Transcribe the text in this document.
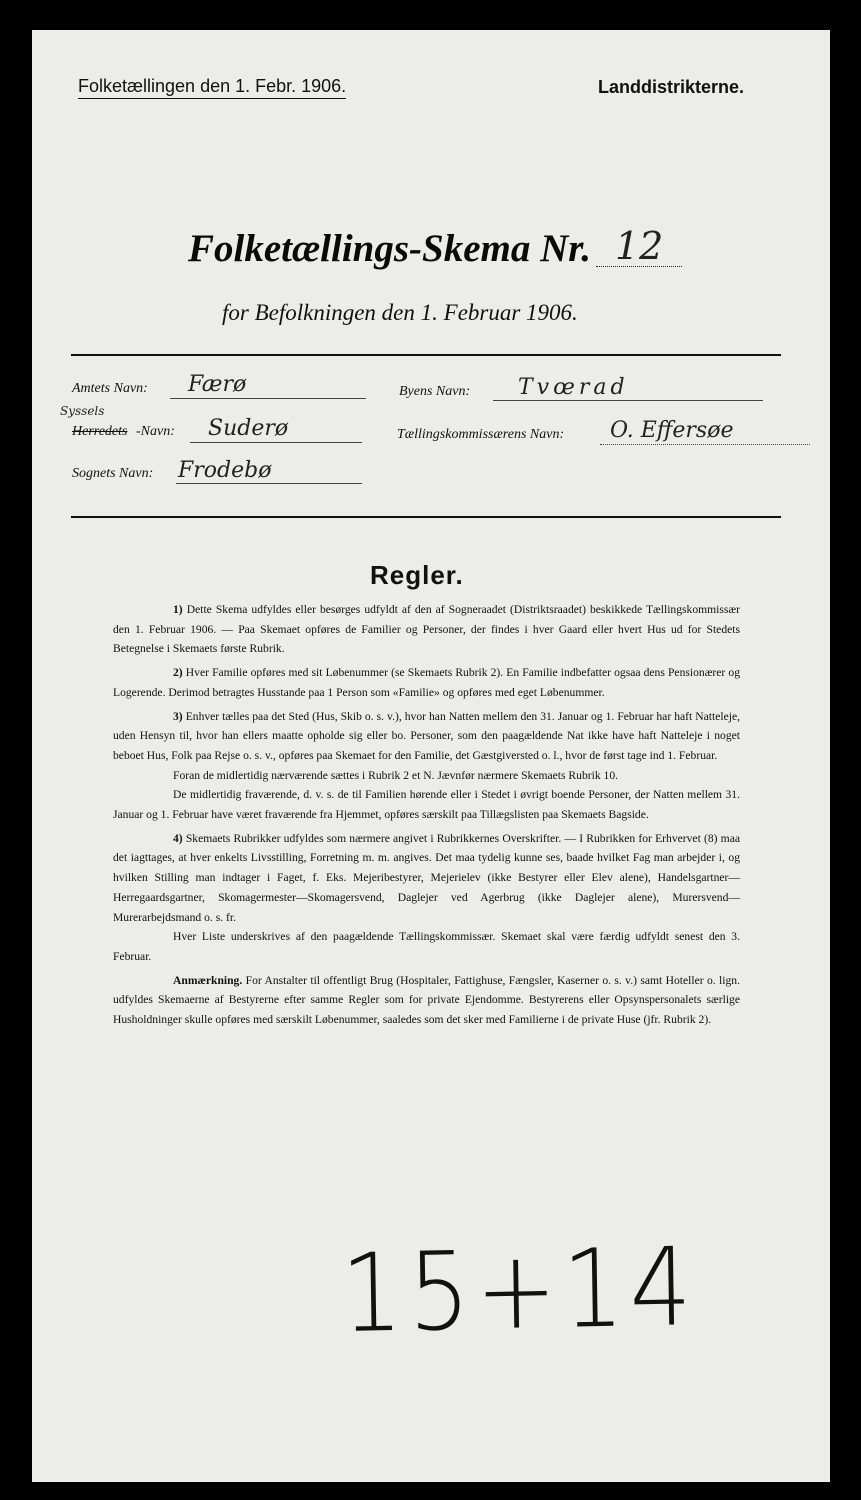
Folketællingen den 1. Febr. 1906.	Landdistrikterne.
Folketællings-Skema Nr. 12
for Befolkningen den 1. Februar 1906.
Amtets Navn: Færø	Byens Navn: Tvœrad
Syssels
Herredets -Navn: Suderø	Tællingskommissærens Navn: O. Effersøe
Sognets Navn: Frodebø
Regler.

1) Dette Skema udfyldes eller besørges udfyldt af den af Sogneraadet (Distriktsraadet) beskikkede Tællingskommissær den 1. Februar 1906. — Paa Skemaet opføres de Familier og Personer, der findes i hver Gaard eller hvert Hus ud for Stedets Betegnelse i Skemaets første Rubrik.

2) Hver Familie opføres med sit Løbenummer (se Skemaets Rubrik 2). En Familie indbefatter ogsaa dens Pensionærer og Logerende. Derimod betragtes Husstande paa 1 Person som «Familie» og opføres med eget Løbenummer.

3) Enhver tælles paa det Sted (Hus, Skib o. s. v.), hvor han Natten mellem den 31. Januar og 1. Februar har haft Natteleje, uden Hensyn til, hvor han ellers maatte opholde sig eller bo. Personer, som den paagældende Nat ikke have haft Natteleje i noget beboet Hus, Folk paa Rejse o. s. v., opføres paa Skemaet for den Familie, det Gæstgiversted o. l., hvor de først tage ind 1. Februar.

Foran de midlertidig nærværende sættes i Rubrik 2 et N. Jævnfør nærmere Skemaets Rubrik 10.

De midlertidig fraværende, d. v. s. de til Familien hørende eller i Stedet i øvrigt boende Personer, der Natten mellem 31. Januar og 1. Februar have været fraværende fra Hjemmet, opføres særskilt paa Tillægslisten paa Skemaets Bagside.

4) Skemaets Rubrikker udfyldes som nærmere angivet i Rubrikkernes Overskrifter. — I Rubrikken for Erhvervet (8) maa det iagttages, at hver enkelts Livsstilling, Forretning m. m. angives. Det maa tydelig kunne ses, baade hvilket Fag man arbejder i, og hvilken Stilling man indtager i Faget, f. Eks. Mejeribestyrer, Mejerielev (ikke Bestyrer eller Elev alene), Handelsgartner—Herregaardsgartner, Skomagermester—Skomagersvend, Daglejer ved Agerbrug (ikke Daglejer alene), Murersvend—Murerarbejdsmand o. s. fr.

Hver Liste underskrives af den paagældende Tællingskommissær. Skemaet skal være færdig udfyldt senest den 3. Februar.

Anmærkning. For Anstalter til offentligt Brug (Hospitaler, Fattighuse, Fængsler, Kaserner o. s. v.) samt Hoteller o. lign. udfyldes Skemaerne af Bestyrerne efter samme Regler som for private Ejendomme. Bestyrerens eller Opsynspersonalets særlige Husholdninger skulle opføres med særskilt Løbenummer, saaledes som det sker med Familierne i de private Huse (jfr. Rubrik 2).

15+14
